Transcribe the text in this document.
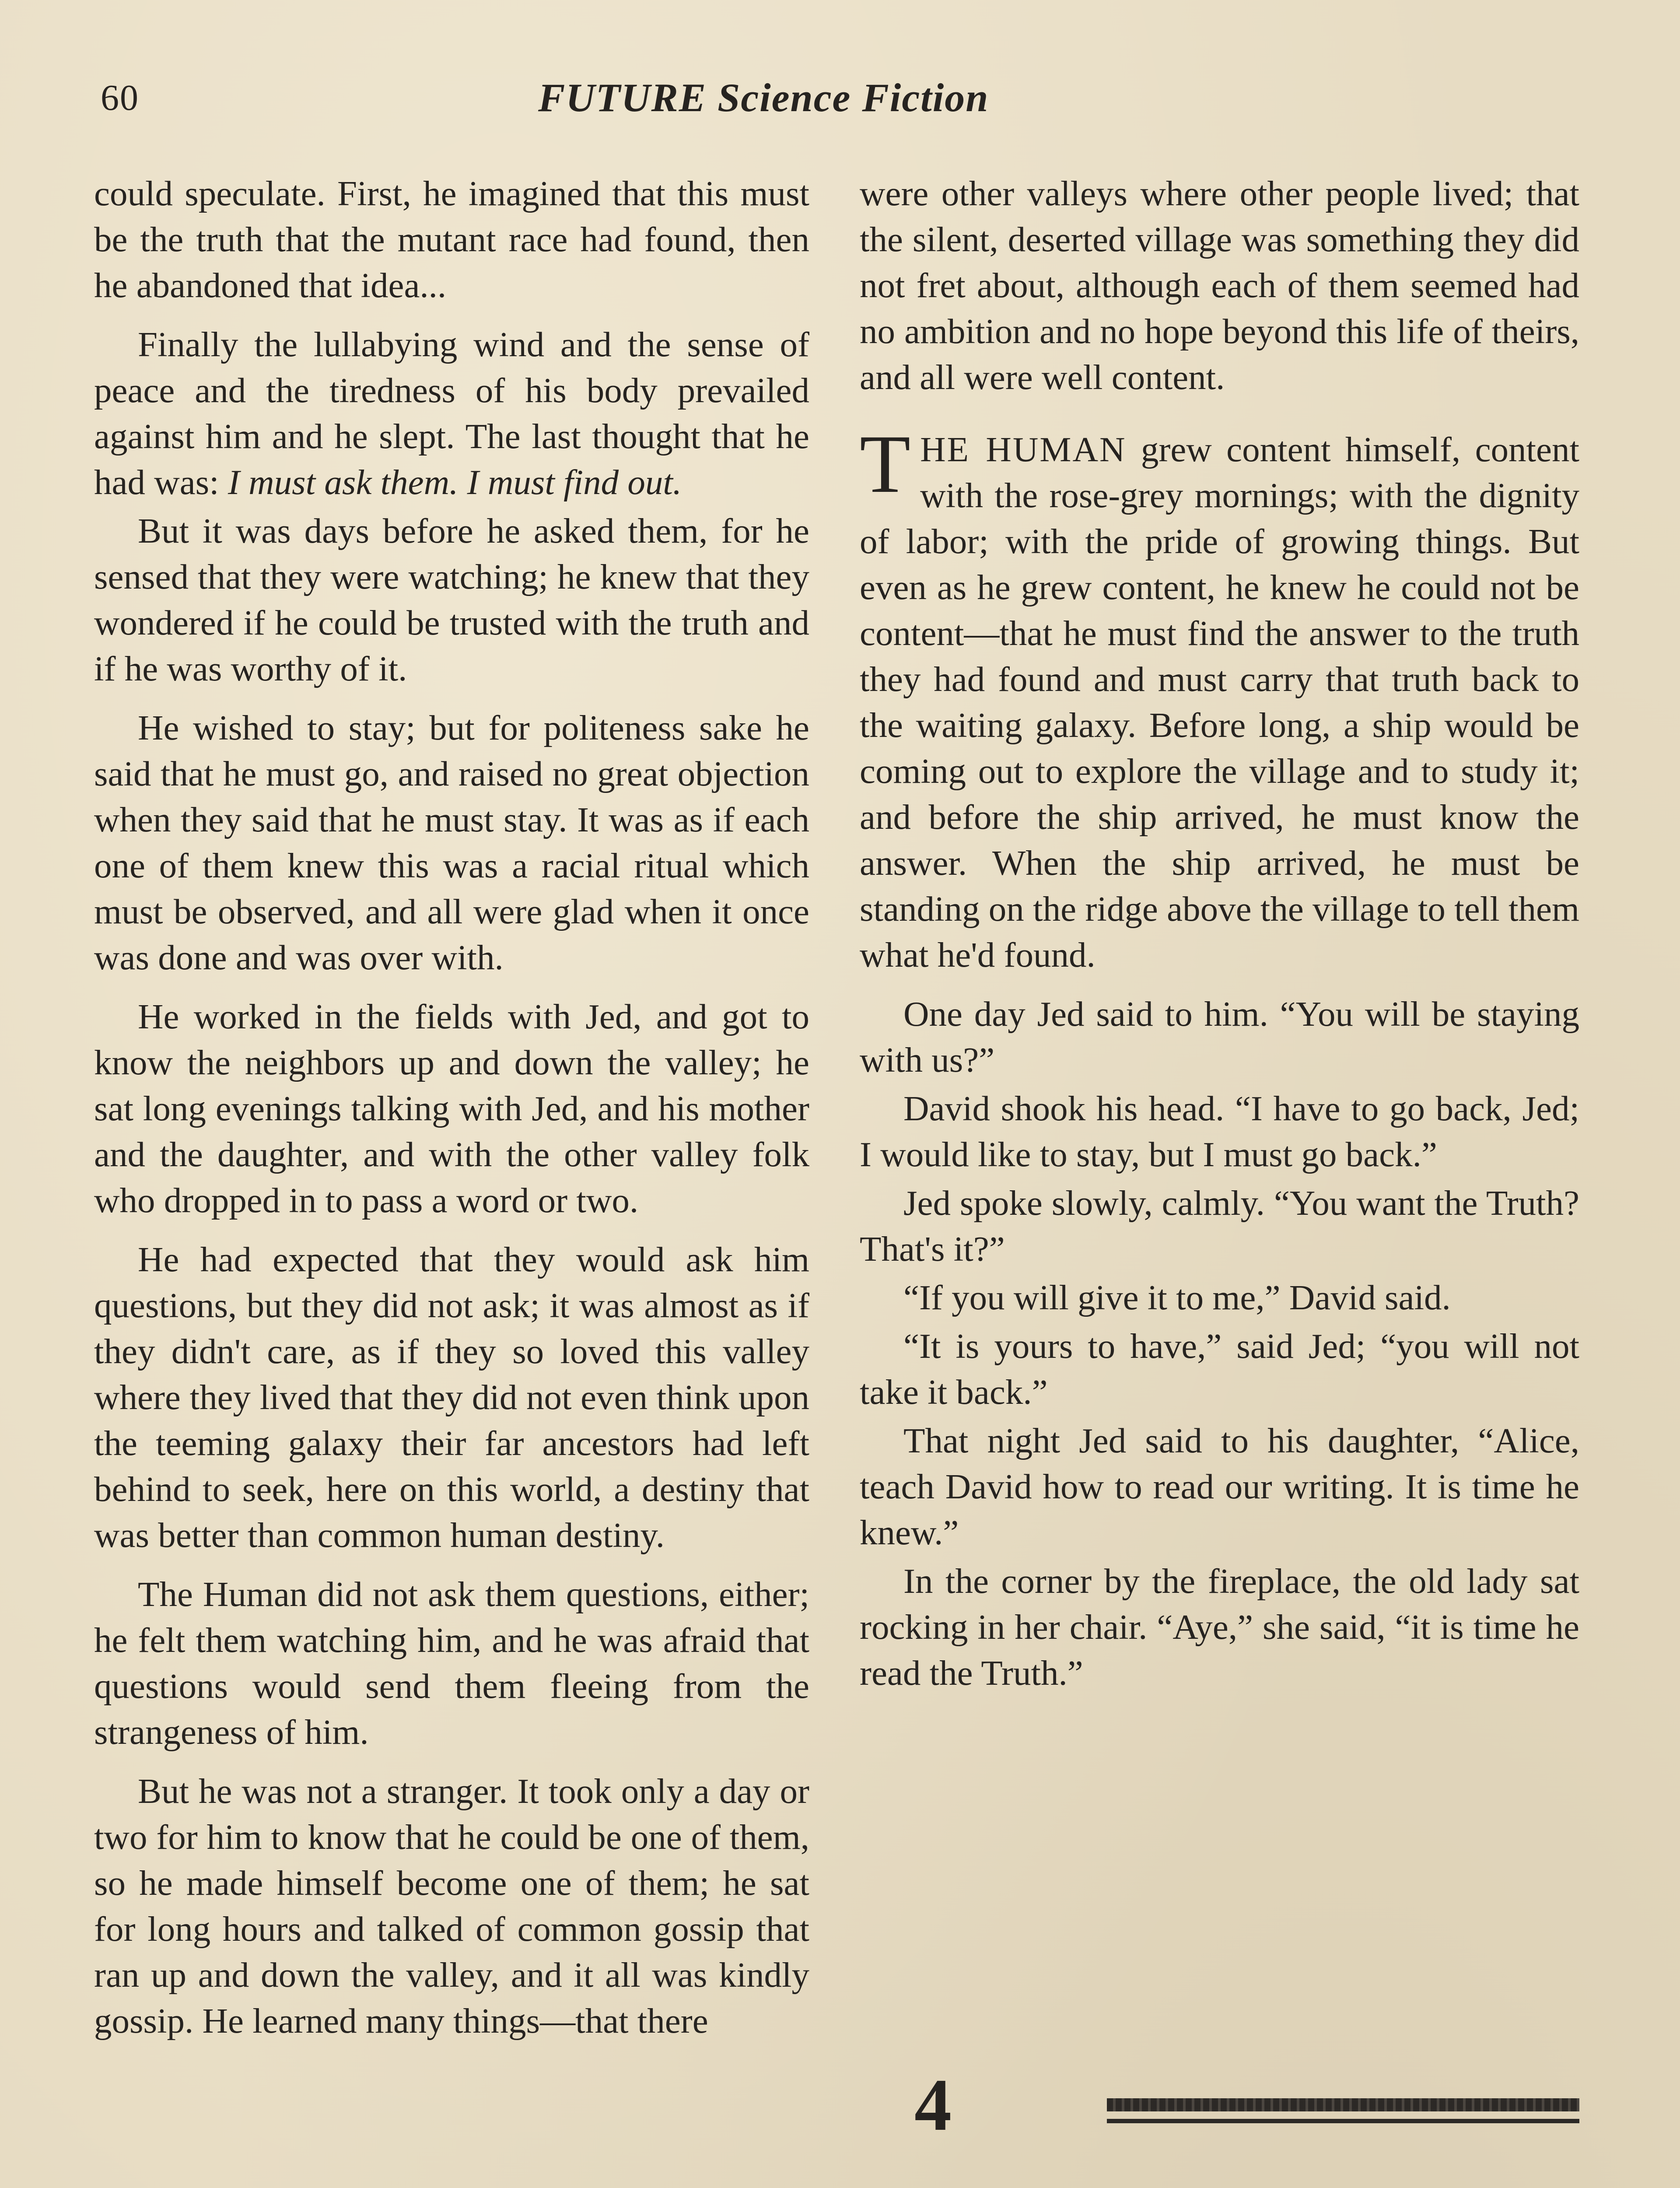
60	FUTURE Science Fiction

could speculate. First, he imagined that this must be the truth that the mutant race had found, then he abandoned that idea...

Finally the lullabying wind and the sense of peace and the tiredness of his body prevailed against him and he slept. The last thought that he had was: I must ask them. I must find out.

But it was days before he asked them, for he sensed that they were watching; he knew that they wondered if he could be trusted with the truth and if he was worthy of it.

He wished to stay; but for politeness sake he said that he must go, and raised no great objection when they said that he must stay. It was as if each one of them knew this was a racial ritual which must be observed, and all were glad when it once was done and was over with.

He worked in the fields with Jed, and got to know the neighbors up and down the valley; he sat long evenings talking with Jed, and his mother and the daughter, and with the other valley folk who dropped in to pass a word or two.

He had expected that they would ask him questions, but they did not ask; it was almost as if they didn't care, as if they so loved this valley where they lived that they did not even think upon the teeming galaxy their far ancestors had left behind to seek, here on this world, a destiny that was better than common human destiny.

The Human did not ask them questions, either; he felt them watching him, and he was afraid that questions would send them fleeing from the strangeness of him.

But he was not a stranger. It took only a day or two for him to know that he could be one of them, so he made himself become one of them; he sat for long hours and talked of common gossip that ran up and down the valley, and it all was kindly gossip. He learned many things—that there

were other valleys where other people lived; that the silent, deserted village was something they did not fret about, although each of them seemed had no ambition and no hope beyond this life of theirs, and all were well content.

THE HUMAN grew content himself, content with the rose-grey mornings; with the dignity of labor; with the pride of growing things. But even as he grew content, he knew he could not be content—that he must find the answer to the truth they had found and must carry that truth back to the waiting galaxy. Before long, a ship would be coming out to explore the village and to study it; and before the ship arrived, he must know the answer. When the ship arrived, he must be standing on the ridge above the village to tell them what he'd found.

One day Jed said to him. “You will be staying with us?”

David shook his head. “I have to go back, Jed; I would like to stay, but I must go back.”

Jed spoke slowly, calmly. “You want the Truth? That's it?”

“If you will give it to me,” David said.

“It is yours to have,” said Jed; “you will not take it back.”

That night Jed said to his daughter, “Alice, teach David how to read our writing. It is time he knew.”

In the corner by the fireplace, the old lady sat rocking in her chair. “Aye,” she said, “it is time he read the Truth.”

4
